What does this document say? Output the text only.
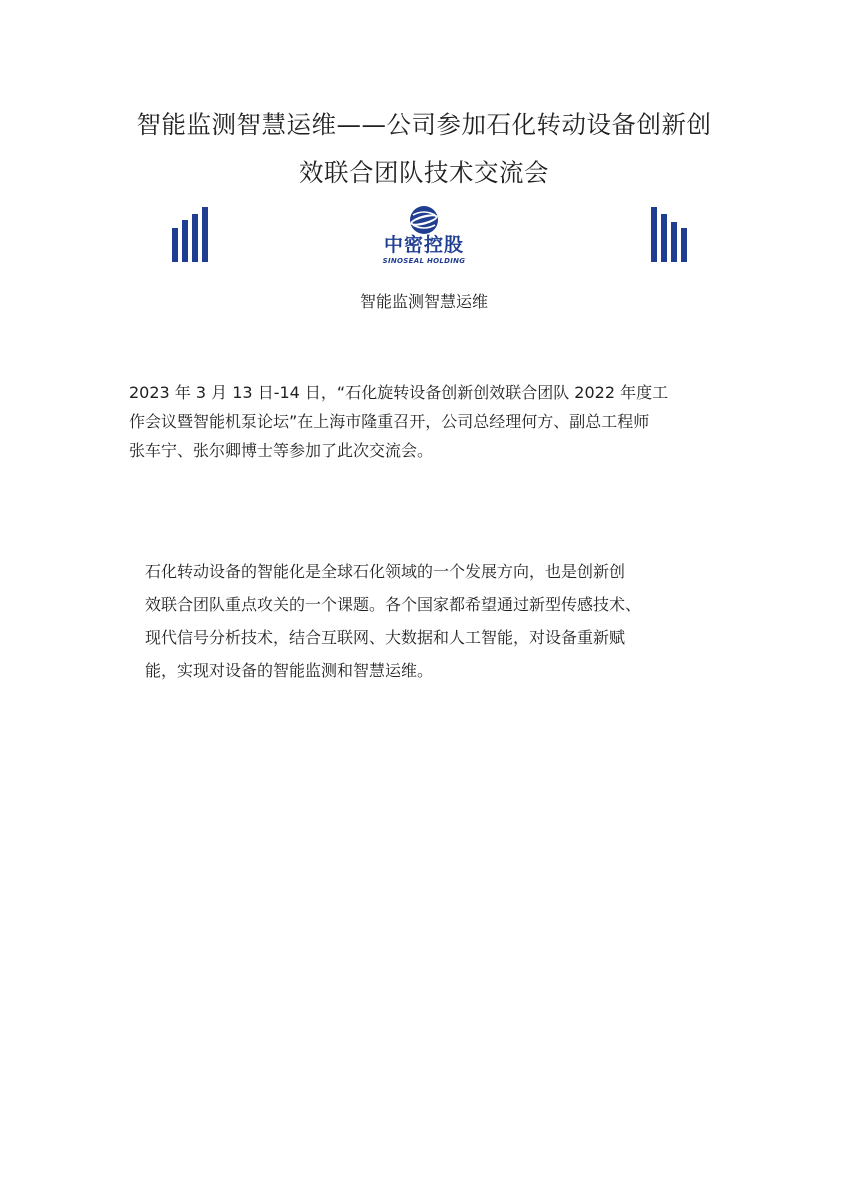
智能监测智慧运维——公司参加石化转动设备创新创
效联合团队技术交流会
中密控股
SINOSEAL HOLDING
智能监测智慧运维
2023 年 3 月 13 日-14 日，“石化旋转设备创新创效联合团队 2022 年度工
作会议暨智能机泵论坛”在上海市隆重召开，公司总经理何方、副总工程师
张车宁、张尔卿博士等参加了此次交流会。
石化转动设备的智能化是全球石化领域的一个发展方向，也是创新创
效联合团队重点攻关的一个课题。各个国家都希望通过新型传感技术、
现代信号分析技术，结合互联网、大数据和人工智能，对设备重新赋
能，实现对设备的智能监测和智慧运维。
